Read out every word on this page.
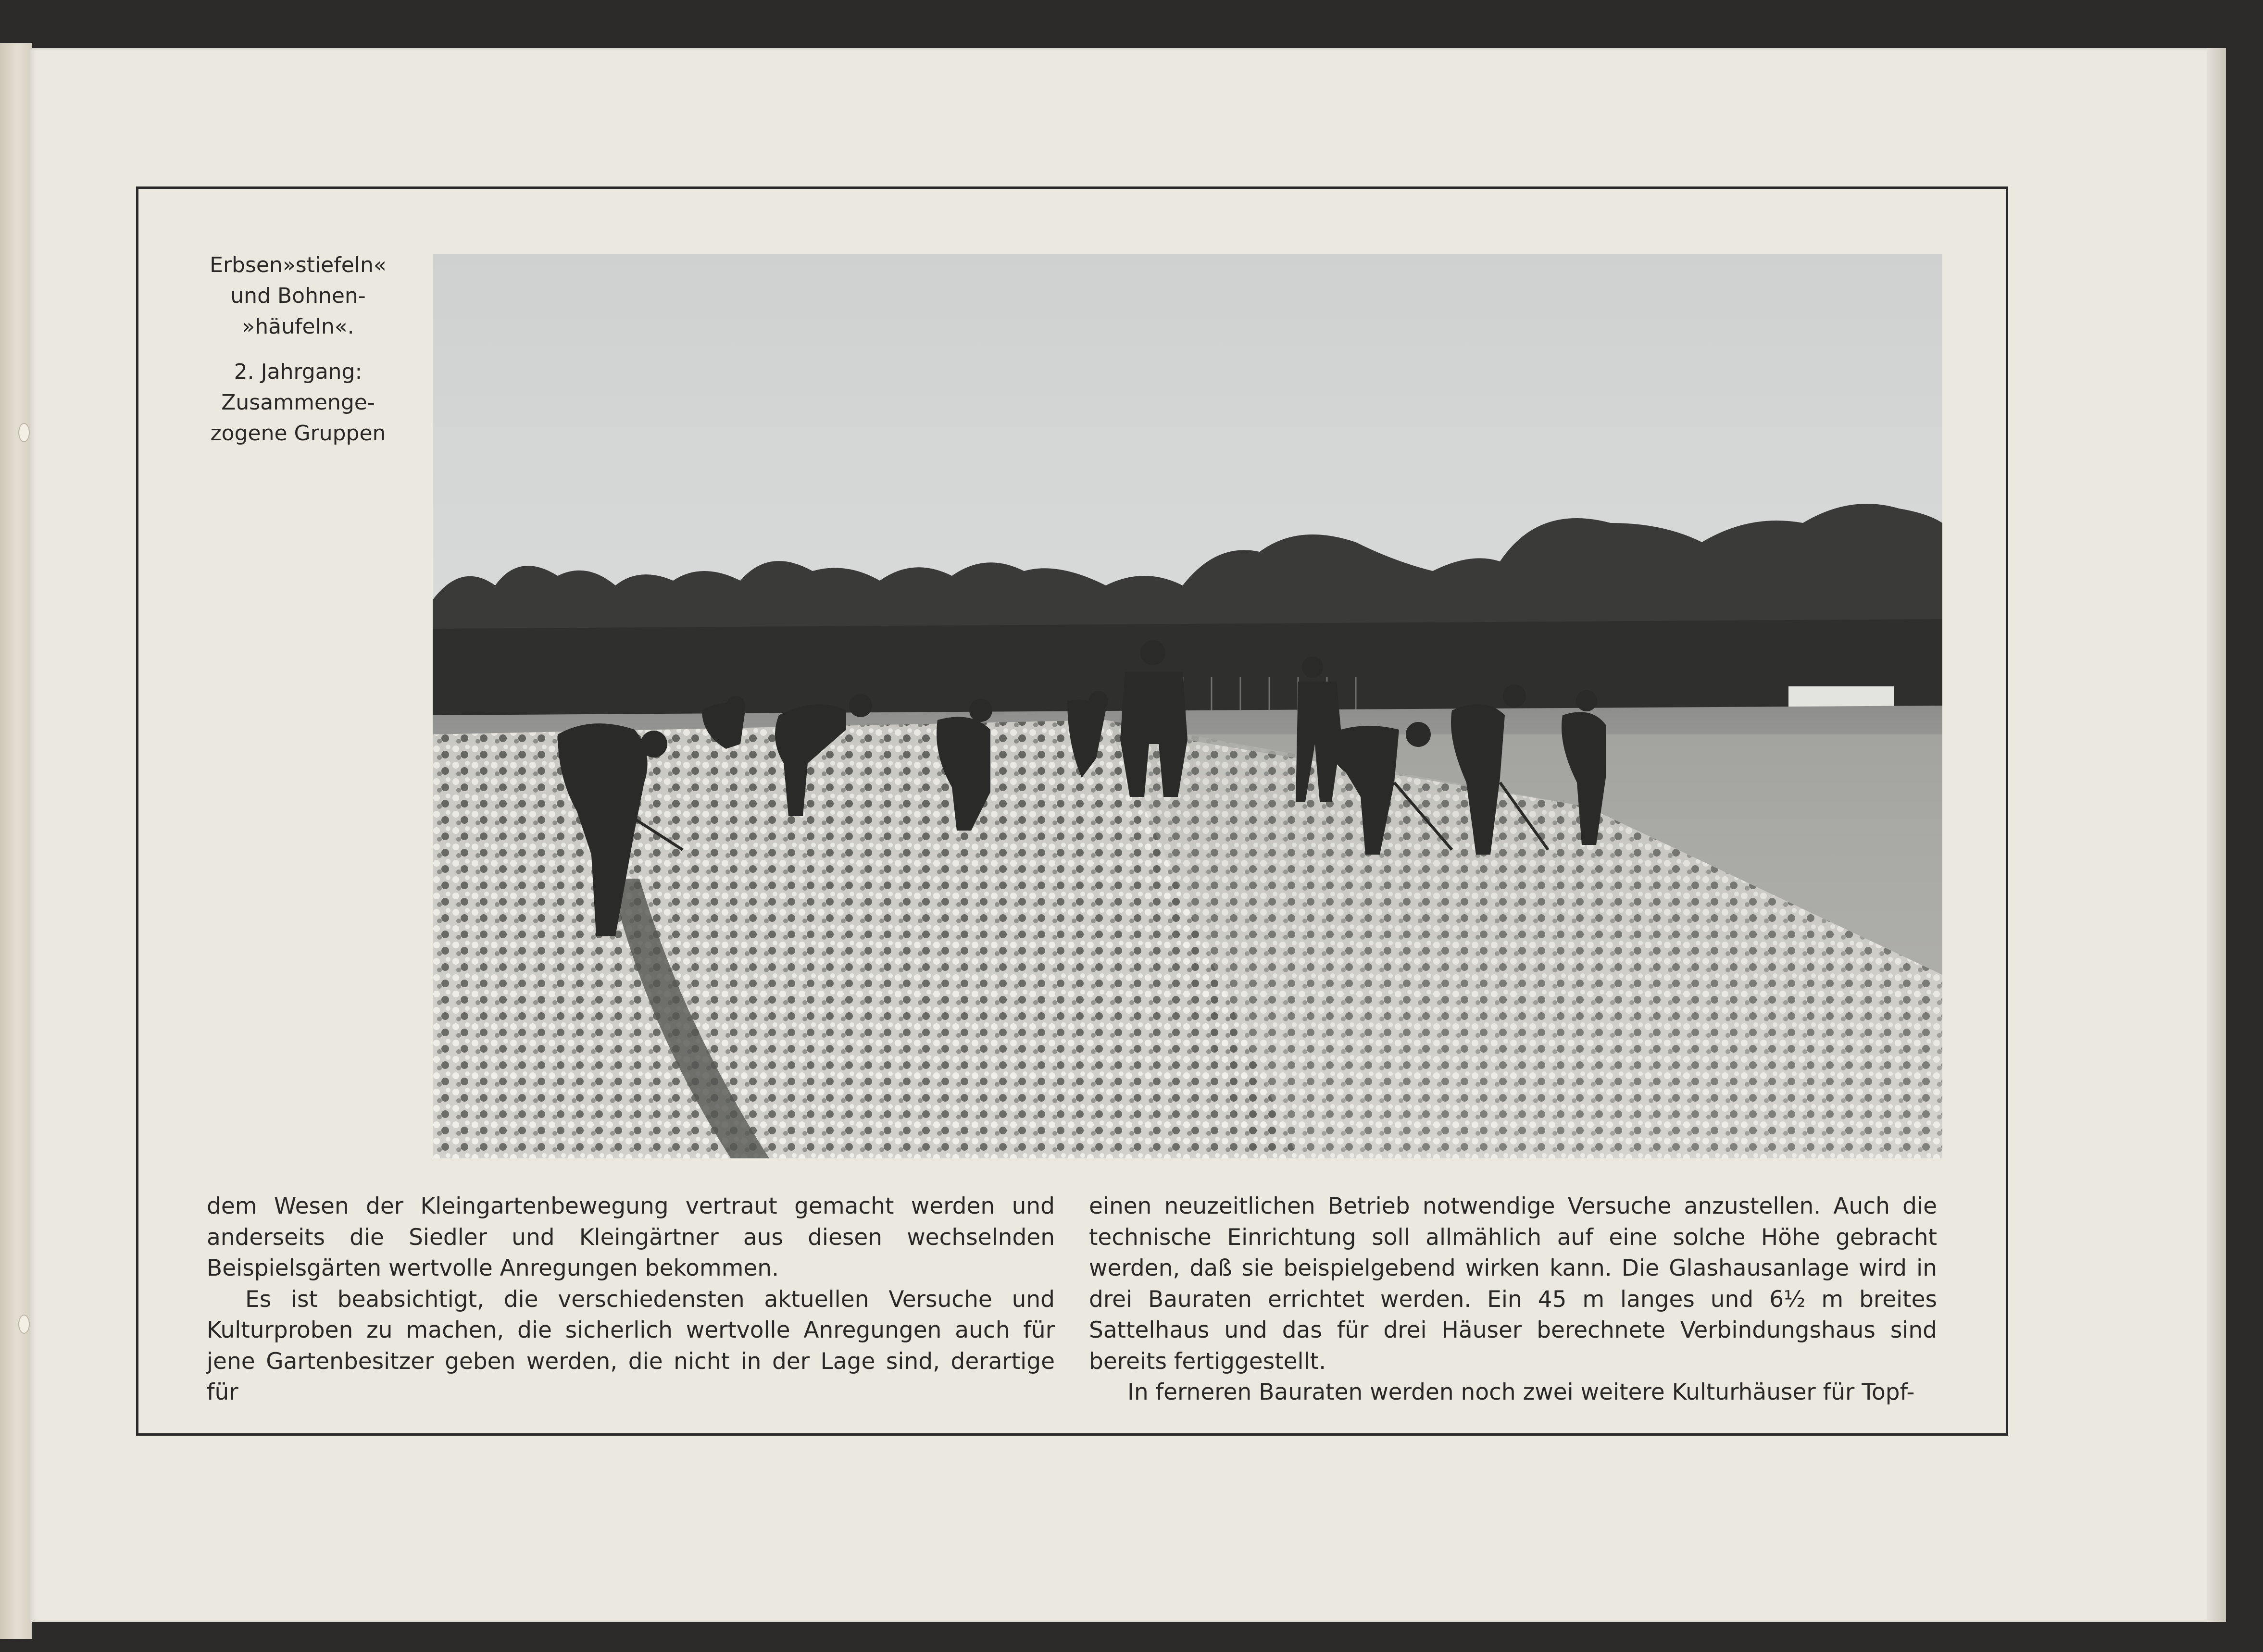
Erbsen»stiefeln«

und Bohnen-

»häufeln«.

2. Jahrgang:

Zusammenge-

zogene Gruppen

dem Wesen der Kleingartenbewegung vertraut gemacht werden und anderseits die Siedler und Kleingärtner aus diesen wechselnden Beispielsgärten wertvolle Anregungen bekommen.

Es ist beabsichtigt, die verschiedensten aktuellen Versuche und Kulturproben zu machen, die sicherlich wertvolle Anregungen auch für jene Gartenbesitzer geben werden, die nicht in der Lage sind, derartige für

einen neuzeitlichen Betrieb notwendige Versuche anzustellen. Auch die technische Einrichtung soll allmählich auf eine solche Höhe gebracht werden, daß sie beispielgebend wirken kann. Die Glashausanlage wird in drei Bauraten errichtet werden. Ein 45 m langes und 6½ m breites Sattelhaus und das für drei Häuser berechnete Verbindungshaus sind bereits fertiggestellt.

In ferneren Bauraten werden noch zwei weitere Kulturhäuser für Topf-
